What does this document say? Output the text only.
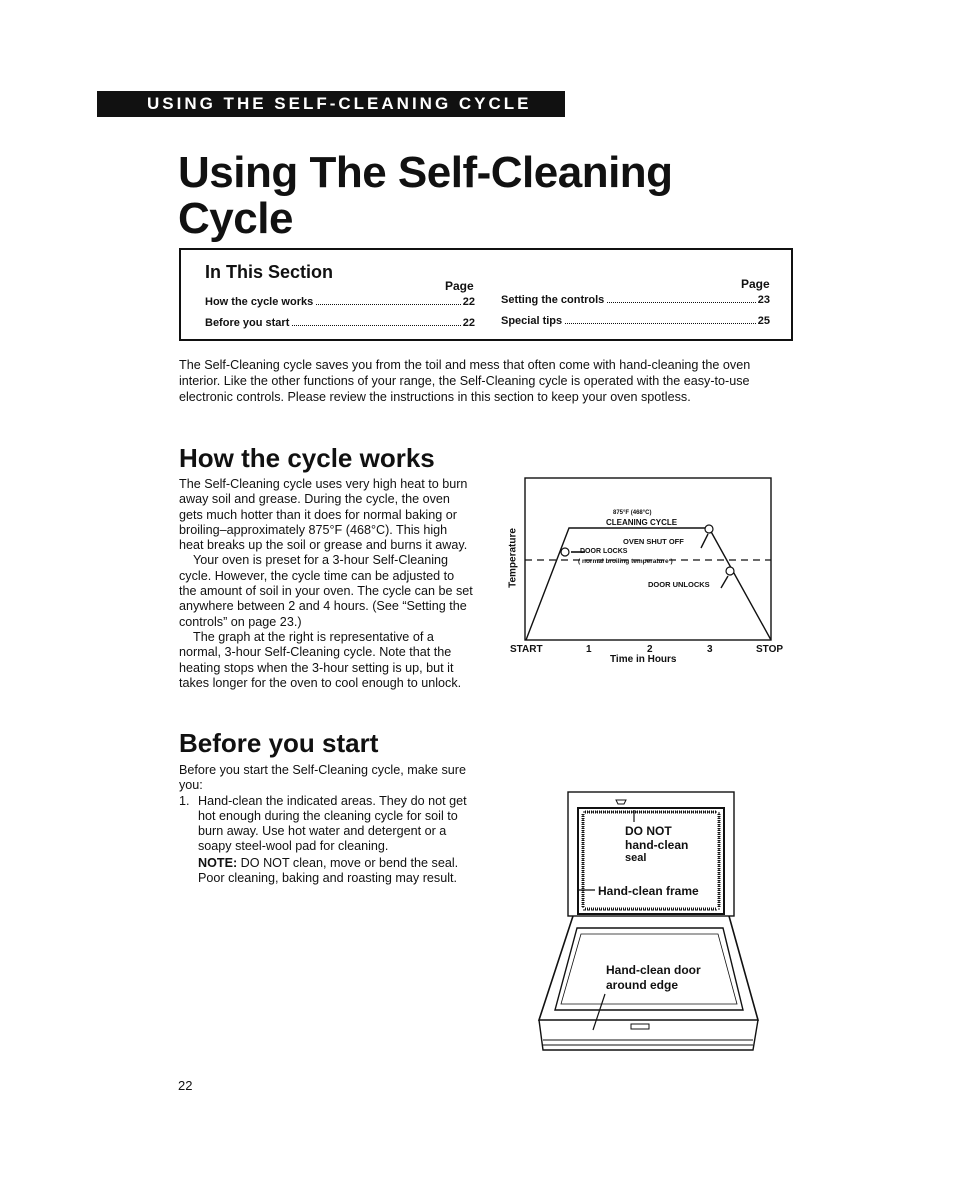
USING THE SELF-CLEANING CYCLE
Using The Self-Cleaning Cycle
In This Section
Page	Page
How the cycle works	22
Before you start	22
Setting the controls	23
Special tips	25

The Self-Cleaning cycle saves you from the toil and mess that often come with hand-cleaning the oven interior. Like the other functions of your range, the Self-Cleaning cycle is operated with the easy-to-use electronic controls. Please review the instructions in this section to keep your oven spotless.

How the cycle works

The Self-Cleaning cycle uses very high heat to burn away soil and grease. During the cycle, the oven gets much hotter than it does for normal baking or broiling–approximately 875°F (468°C). This high heat breaks up the soil or grease and burns it away.

Your oven is preset for a 3-hour Self-Cleaning cycle. However, the cycle time can be adjusted to the amount of soil in your oven. The cycle can be set anywhere between 2 and 4 hours. (See “Setting the controls” on page 23.)

The graph at the right is representative of a normal, 3-hour Self-Cleaning cycle. Note that the heating stops when the 3-hour setting is up, but it takes longer for the oven to cool enough to unlock.

875°F (468°C)
CLEANING CYCLE
OVEN SHUT OFF
DOOR LOCKS
( normal broiling temperature )
DOOR UNLOCKS
Temperature
START	1	2	3	STOP
Time in Hours
Before you start

Before you start the Self-Cleaning cycle, make sure you:

1. Hand-clean the indicated areas. They do not get hot enough during the cleaning cycle for soil to burn away. Use hot water and detergent or a soapy steel-wool pad for cleaning.

NOTE: DO NOT clean, move or bend the seal. Poor cleaning, baking and roasting may result.

DO NOT
hand-clean
seal
Hand-clean frame
Hand-clean door
around edge
22
